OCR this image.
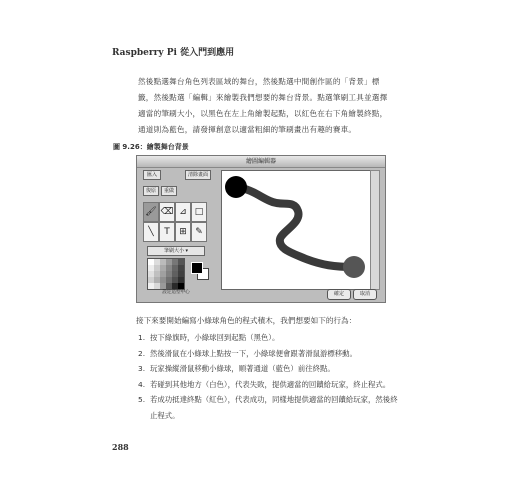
Raspberry Pi 從入門到應用
然後點選舞台角色列表區域的舞台，然後點選中間創作區的「背景」標籤，然後點選「編輯」來繪製我們想要的舞台背景。點選筆刷工具並選擇適當的筆刷大小，以黑色在左上角繪製起點，以紅色在右下角繪製終點，通道則為藍色，請發揮創意以適當粗細的筆刷畫出有趣的賽車。
圖 9.26：繪製舞台背景
繪圖編輯器
匯入	清除畫面
復原	重做
🖌 ⌫ ⊿ □
╲	T	⊞ ✎
筆刷大小 ▾
設定造型中心	確定	取消
接下來要開始編寫小綠球角色的程式積木，我們想要如下的行為：
1. 按下綠旗時，小綠球回到起點（黑色）。
2. 然後滑鼠在小綠球上點按一下，小綠球便會跟著滑鼠游標移動。
3. 玩家操縱滑鼠移動小綠球，順著通道（藍色）前往終點。
4. 若碰到其他地方（白色），代表失敗，提供適當的回饋給玩家，終止程式。
5. 若成功抵達終點（紅色），代表成功，同樣地提供適當的回饋給玩家，然後終止程式。
288
